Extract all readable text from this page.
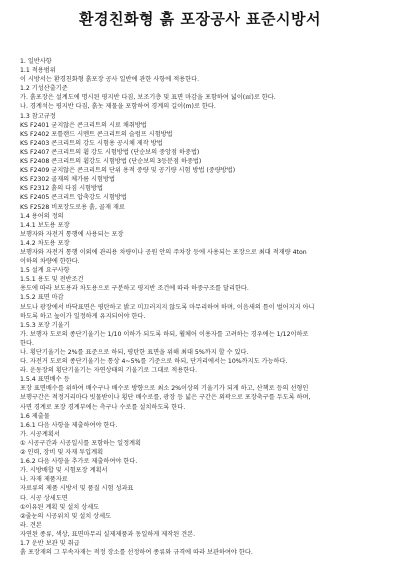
환경친화형 흙 포장공사 표준시방서
1. 일반사항
1.1 적용범위
이 시방서는 환경친화형 흙포장 공사 일반에 관한 사항에 적용한다.
1.2 기성산출기준
가. 흙포장은 설계도에 명시된 평지반 다짐, 보조기층 및 표면 마감을 포함하여 넓이(㎡)로 한다.
나. 경계석는 평지반 다짐, 흙놋 제물을 포함하여 경계의 길이(m)로 한다.
1.3 참고규정
KS F2401 굳지않은 콘크리트의 시료 채취방법
KS F2402 포틀랜드 시멘트 콘크리트의 슬럼프 시험방법
KS F2403 콘크리트의 강도 시험용 공시체 제작 방법
KS F2407 콘크리트의 휨 강도 시험방법 (단순보의 중앙점 하중법)
KS F2408 콘크리트의 휨강도 시험방법 (단순보의 3등분점 하중법)
KS F2409 굳지않은 콘크리트의 단위 용적 중량 및 공기량 시험 방법 (중량방법)
KS F2302 골재의 체가름 시험방법
KS F2312 흙의 다짐 시험방법
KS F2405 콘크리트 압축강도 시험방법
KS F2528 비포장도로용 흙, 골재 재료
1.4 용어의 정의
1.4.1 보도용 포장
보행자와 자전거 통행에 사용되는 포장
1.4.2 차도용 포장
보행자와 자전거 통행 이외에 관리용 차량이나 공원 안의 주차장 등에 사용되는 포장으로 최대 적재량 4ton
이하의 차량에 한한다.
1.5 설계 요구사항
1.5.1 용도 및 전반조건
용도에 따라 보도용과 차도용으로 구분하고 평지반 조건에 따라 하중구조를 달리한다.
1.5.2 표면 마감
보도나 광장에서 바닥표면은 평탄하고 밝고 미끄러지지 않도록 마무리하여 하며, 이음새의 틈이 벌어지지 아니
하도록 하고 높이가 일정하게 유지되어야 한다.
1.5.3 포장 기울기
가. 보행자 도로의 종단기울기는 1/10 이하가 되도록 하되, 휠체어 이용자를 고려하는 경우에는 1/12이하로
한다.
나. 횡단기울기는 2%를 표준으로 하되, 평탄한 표면을 위해 최대 5%까지 할 수 있다.
다. 자전거 도로의 종단기울기는 통상 4~5%를 기준으로 하되, 단거리에서는 10%까지도 가능하다.
라. 운동장의 횡단기울기는 자연상태의 기울기로 그대로 적용한다.
1.5.4 표면배수 등
포장 표면배수를 위하여 배수구나 배수로 방향으로 최소 2%이상의 기울기가 되게 하고, 산책로 등의 선형인
보행구간은 적정거리마다 빗물받이나 횡단 배수로를, 광장 등 넓은 구간은 외곽으로 포장축구를 두도록 하며,
사면 경계로 포장 경계부에는 측구나 수로를 설치하도록 한다.
1.6 제출물
1.6.1 다음 사항을 제출하여야 한다.
가. 시공계획서
① 시공구간과 시공일시를 포함하는 일정계획
② 인력, 장비 및 자재 투입계획
1.6.2 다음 사항을 추가로 제출하여야 한다.
가. 시방배합 및 시험포장 계획서
나. 자재 제품자료
자료류의 제품 시방서 및 품질 시험 성과표
다. 시공 상세도면
①이유된 계획 및 설치 상세도
②줄눈의 시공위치 및 설치 상세도
라. 견본
자연된 종류, 색상, 표면마무리 실제제품과 동일하게 제작된 견본.
1.7 운반 보관 및 취급
흙 포장재의 그 부속자재는 적정 장소를 선정하여 종류와 규격에 따라 보관하여야 한다.
